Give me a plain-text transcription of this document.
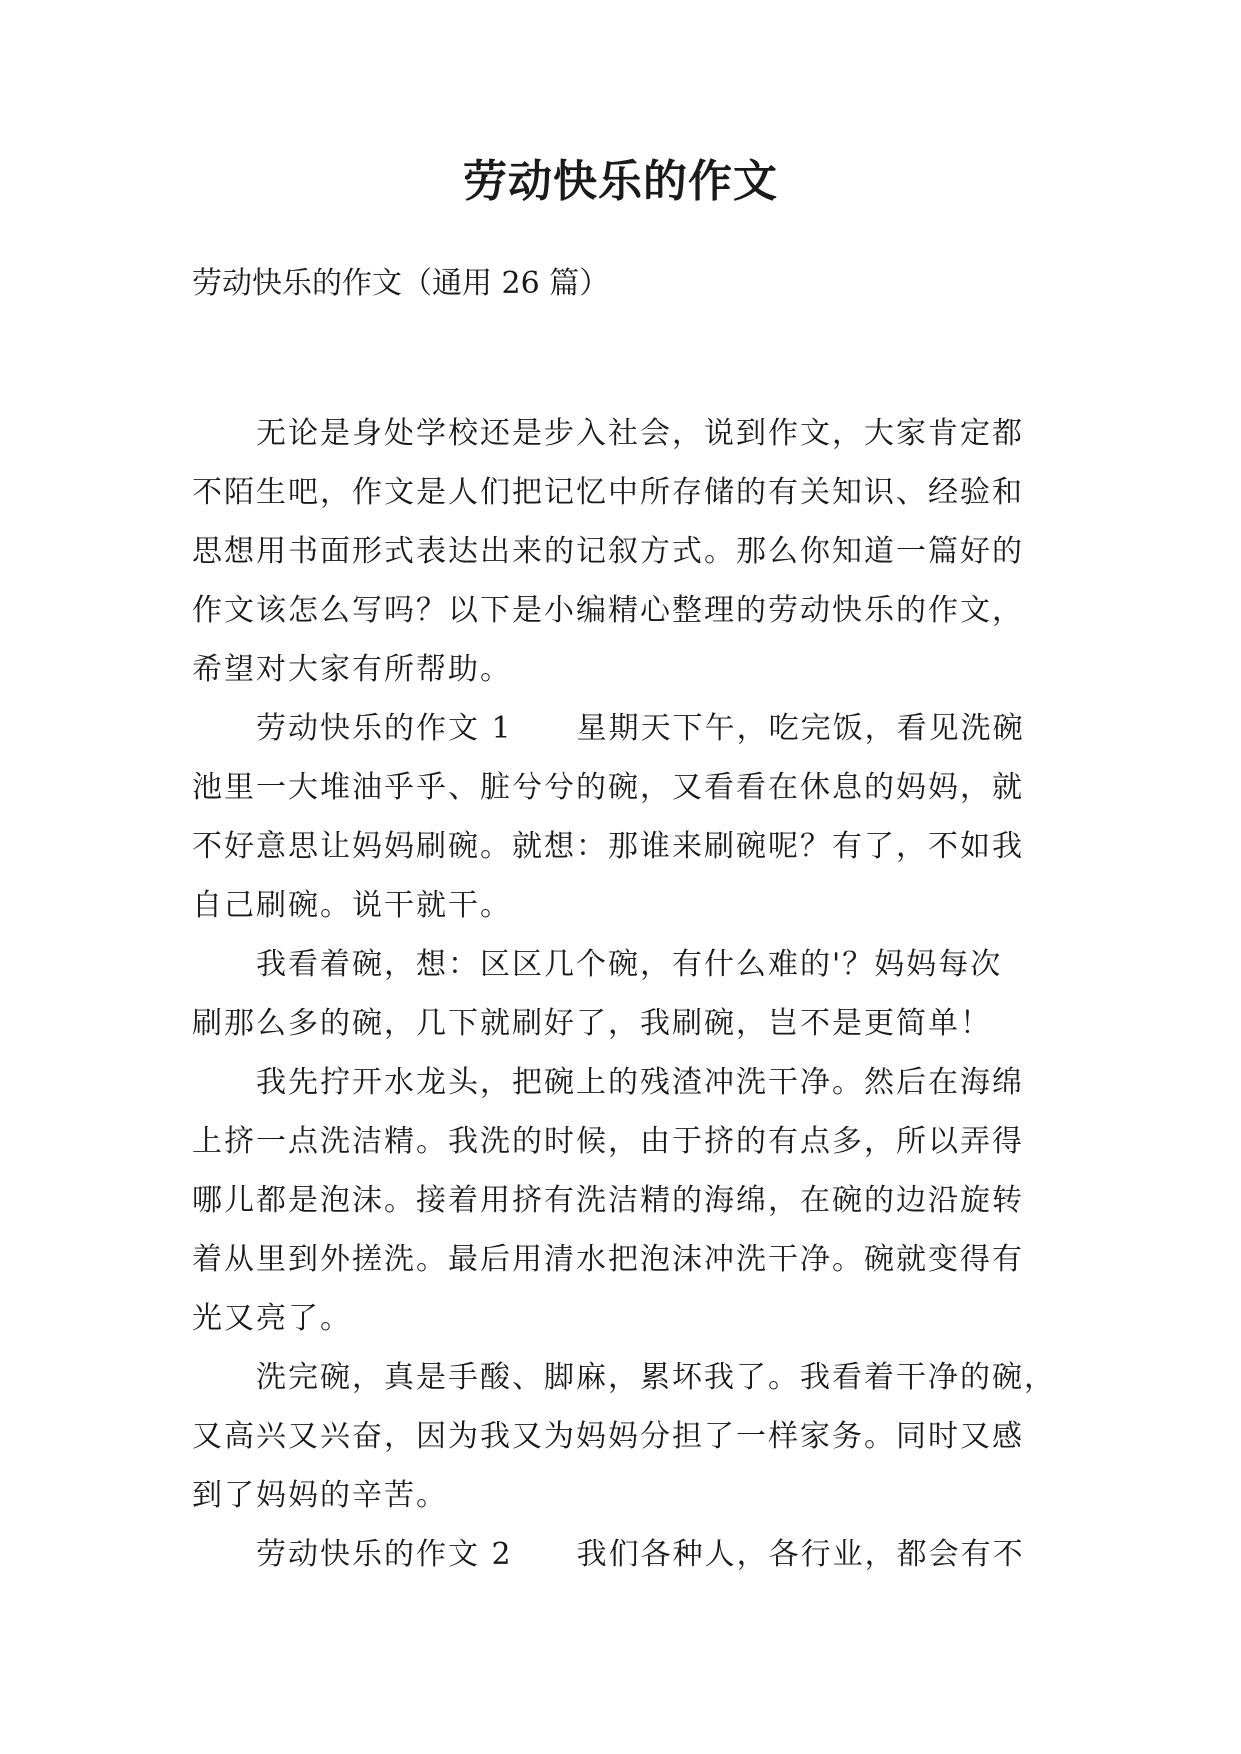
劳动快乐的作文

劳动快乐的作文（通用 26 篇）

无论是身处学校还是步入社会，说到作文，大家肯定都
不陌生吧，作文是人们把记忆中所存储的有关知识、经验和
思想用书面形式表达出来的记叙方式。那么你知道一篇好的
作文该怎么写吗？以下是小编精心整理的劳动快乐的作文，
希望对大家有所帮助。
劳动快乐的作文 1　　星期天下午，吃完饭，看见洗碗
池里一大堆油乎乎、脏兮兮的碗，又看看在休息的妈妈，就
不好意思让妈妈刷碗。就想：那谁来刷碗呢？有了，不如我
自己刷碗。说干就干。
我看着碗，想：区区几个碗，有什么难的'？妈妈每次
刷那么多的碗，几下就刷好了，我刷碗，岂不是更简单！
我先拧开水龙头，把碗上的残渣冲洗干净。然后在海绵
上挤一点洗洁精。我洗的时候，由于挤的有点多，所以弄得
哪儿都是泡沫。接着用挤有洗洁精的海绵，在碗的边沿旋转
着从里到外搓洗。最后用清水把泡沫冲洗干净。碗就变得有
光又亮了。
洗完碗，真是手酸、脚麻，累坏我了。我看着干净的碗，
又高兴又兴奋，因为我又为妈妈分担了一样家务。同时又感
到了妈妈的辛苦。
劳动快乐的作文 2　　我们各种人，各行业，都会有不
